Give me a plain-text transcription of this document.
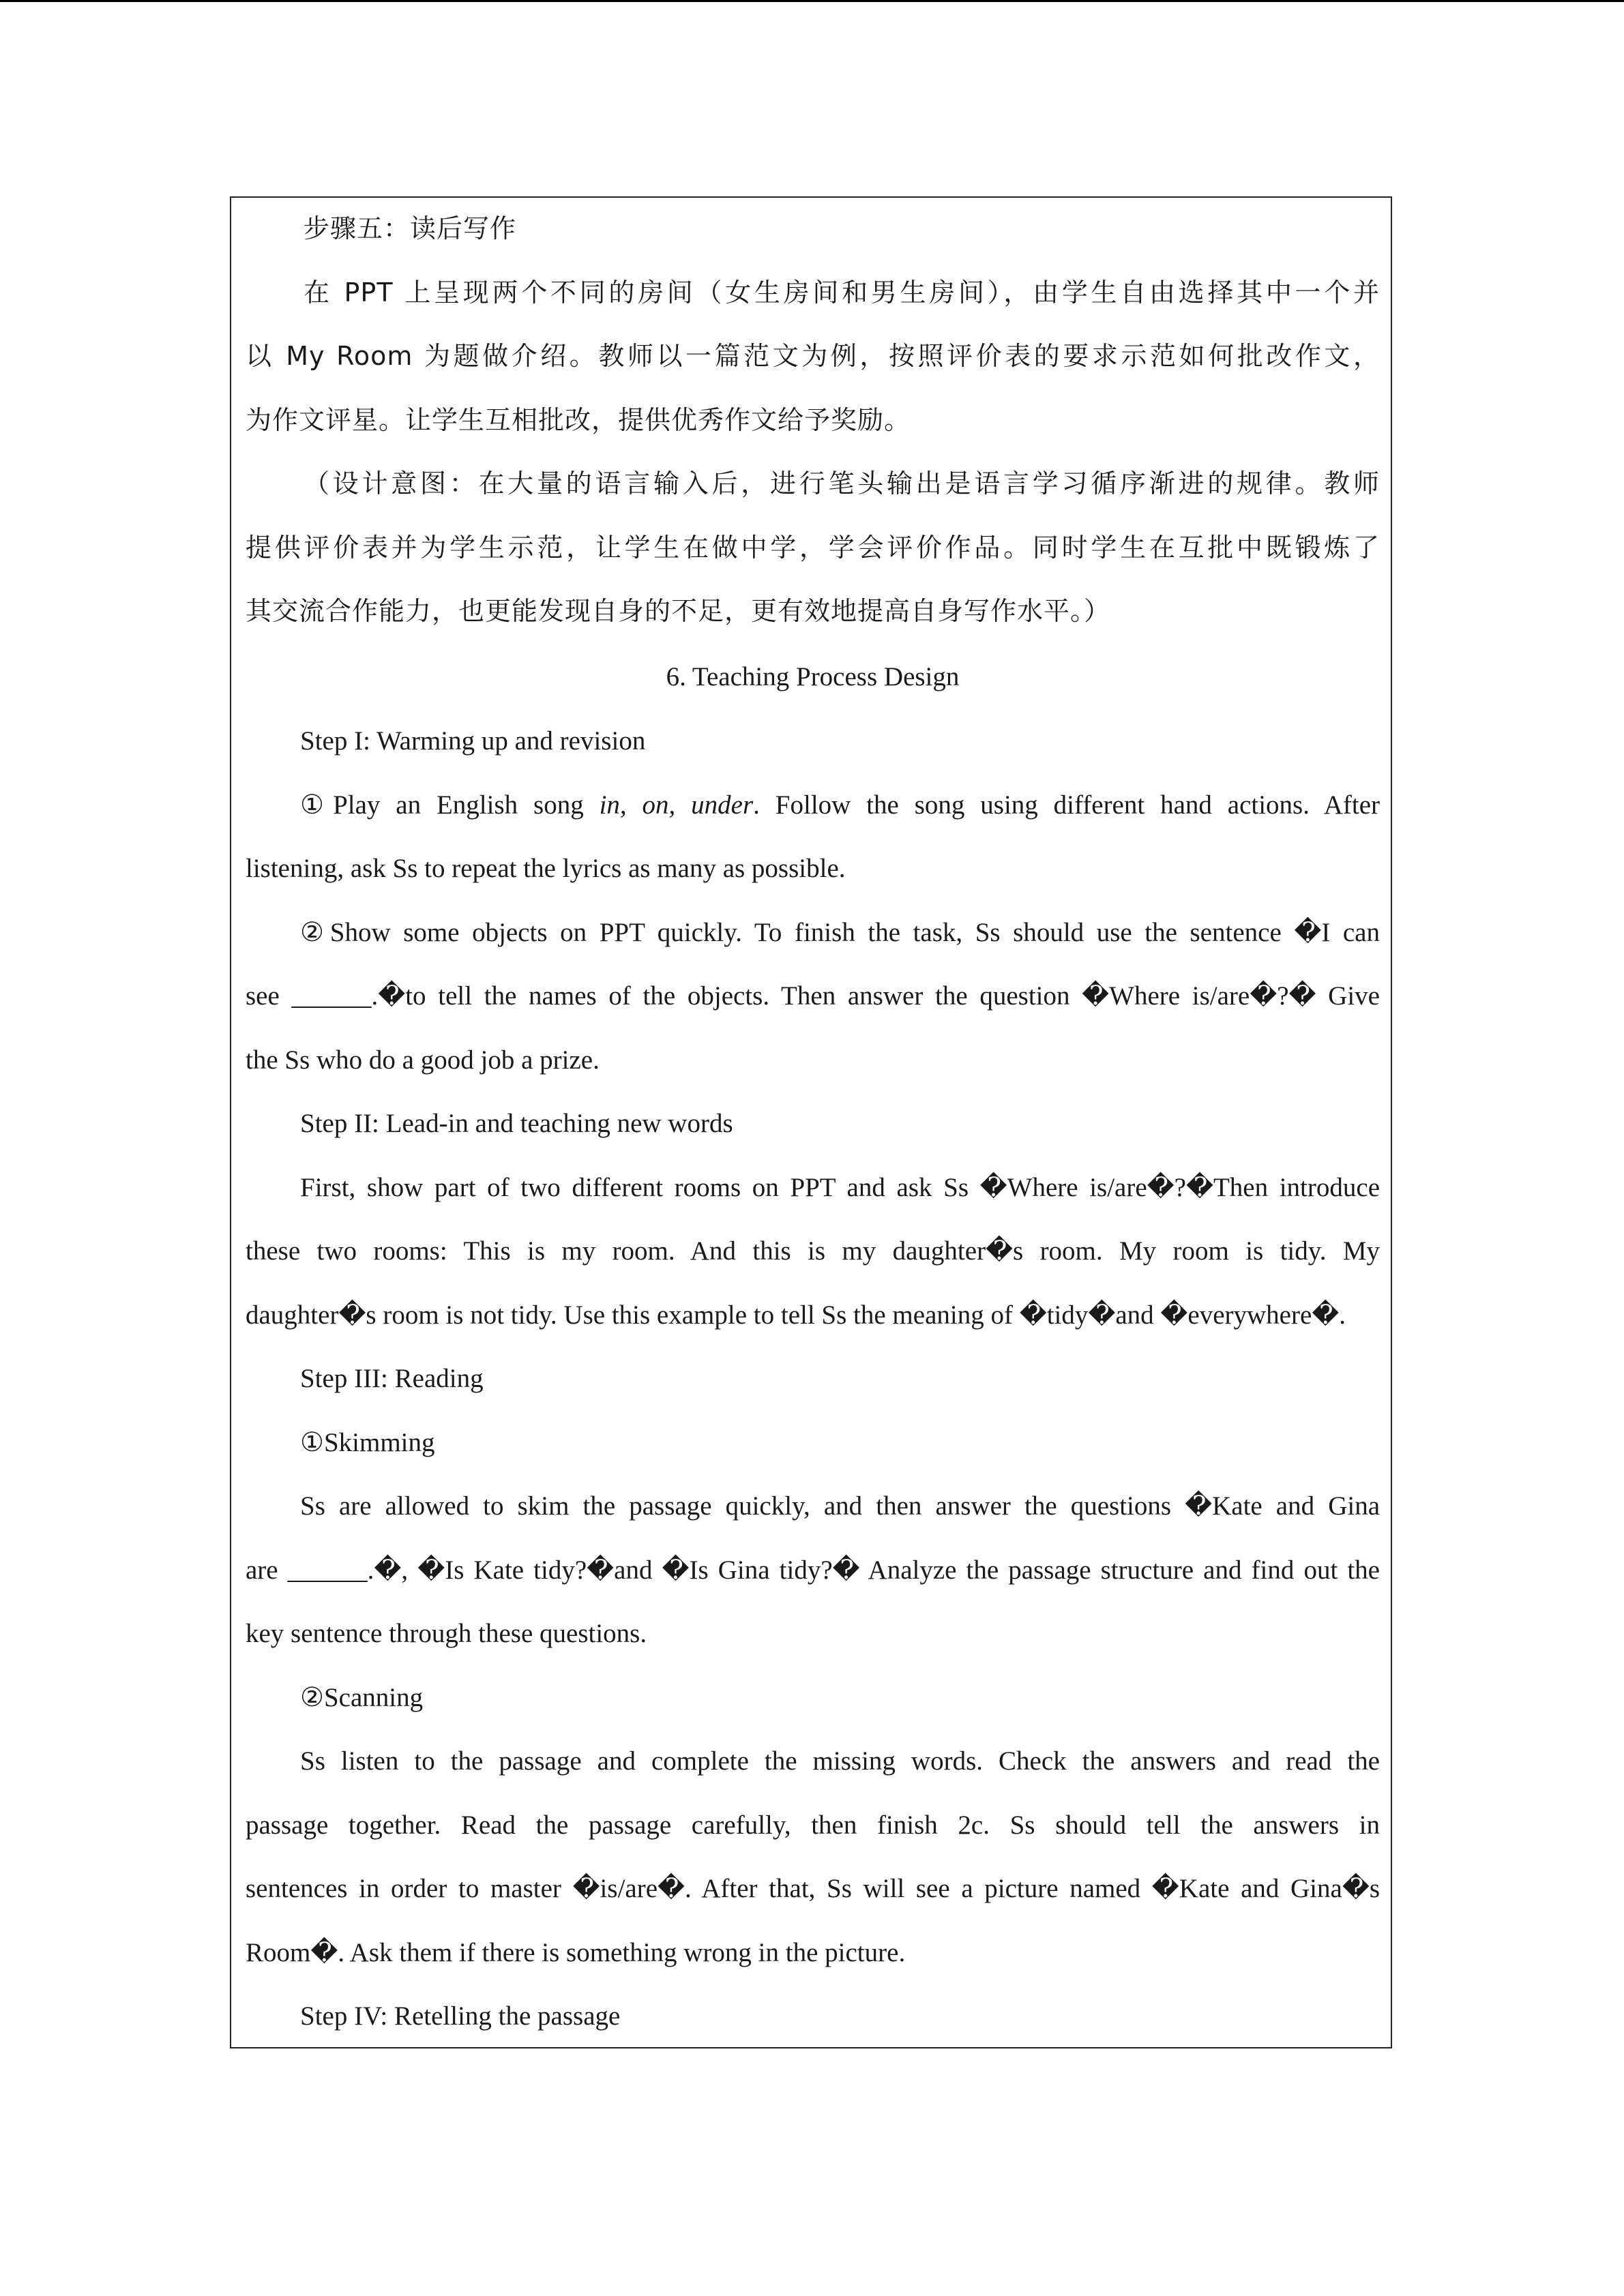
步骤五：读后写作
在 PPT 上呈现两个不同的房间（女生房间和男生房间），由学生自由选择其中一个并
以 My Room 为题做介绍。教师以一篇范文为例，按照评价表的要求示范如何批改作文，
为作文评星。让学生互相批改，提供优秀作文给予奖励。
（设计意图：在大量的语言输入后，进行笔头输出是语言学习循序渐进的规律。教师
提供评价表并为学生示范，让学生在做中学，学会评价作品。同时学生在互批中既锻炼了
其交流合作能力，也更能发现自身的不足，更有效地提高自身写作水平。）
6. Teaching Process Design
Step I: Warming up and revision
①Play an English song in, on, under. Follow the song using different hand actions. After
listening, ask Ss to repeat the lyrics as many as possible.
②Show some objects on PPT quickly. To finish the task, Ss should use the sentence �I can
see ______.�to tell the names of the objects. Then answer the question �Where is/are�?� Give
the Ss who do a good job a prize.
Step II: Lead-in and teaching new words
First, show part of two different rooms on PPT and ask Ss �Where is/are�?�Then introduce
these two rooms: This is my room. And this is my daughter�s room. My room is tidy. My
daughter�s room is not tidy. Use this example to tell Ss the meaning of �tidy�and �everywhere�.
Step III: Reading
①Skimming
Ss are allowed to skim the passage quickly, and then answer the questions �Kate and Gina
are ______.�, �Is Kate tidy?�and �Is Gina tidy?� Analyze the passage structure and find out the
key sentence through these questions.
②Scanning
Ss listen to the passage and complete the missing words. Check the answers and read the
passage together. Read the passage carefully, then finish 2c. Ss should tell the answers in
sentences in order to master �is/are�. After that, Ss will see a picture named �Kate and Gina�s
Room�. Ask them if there is something wrong in the picture.
Step IV: Retelling the passage
